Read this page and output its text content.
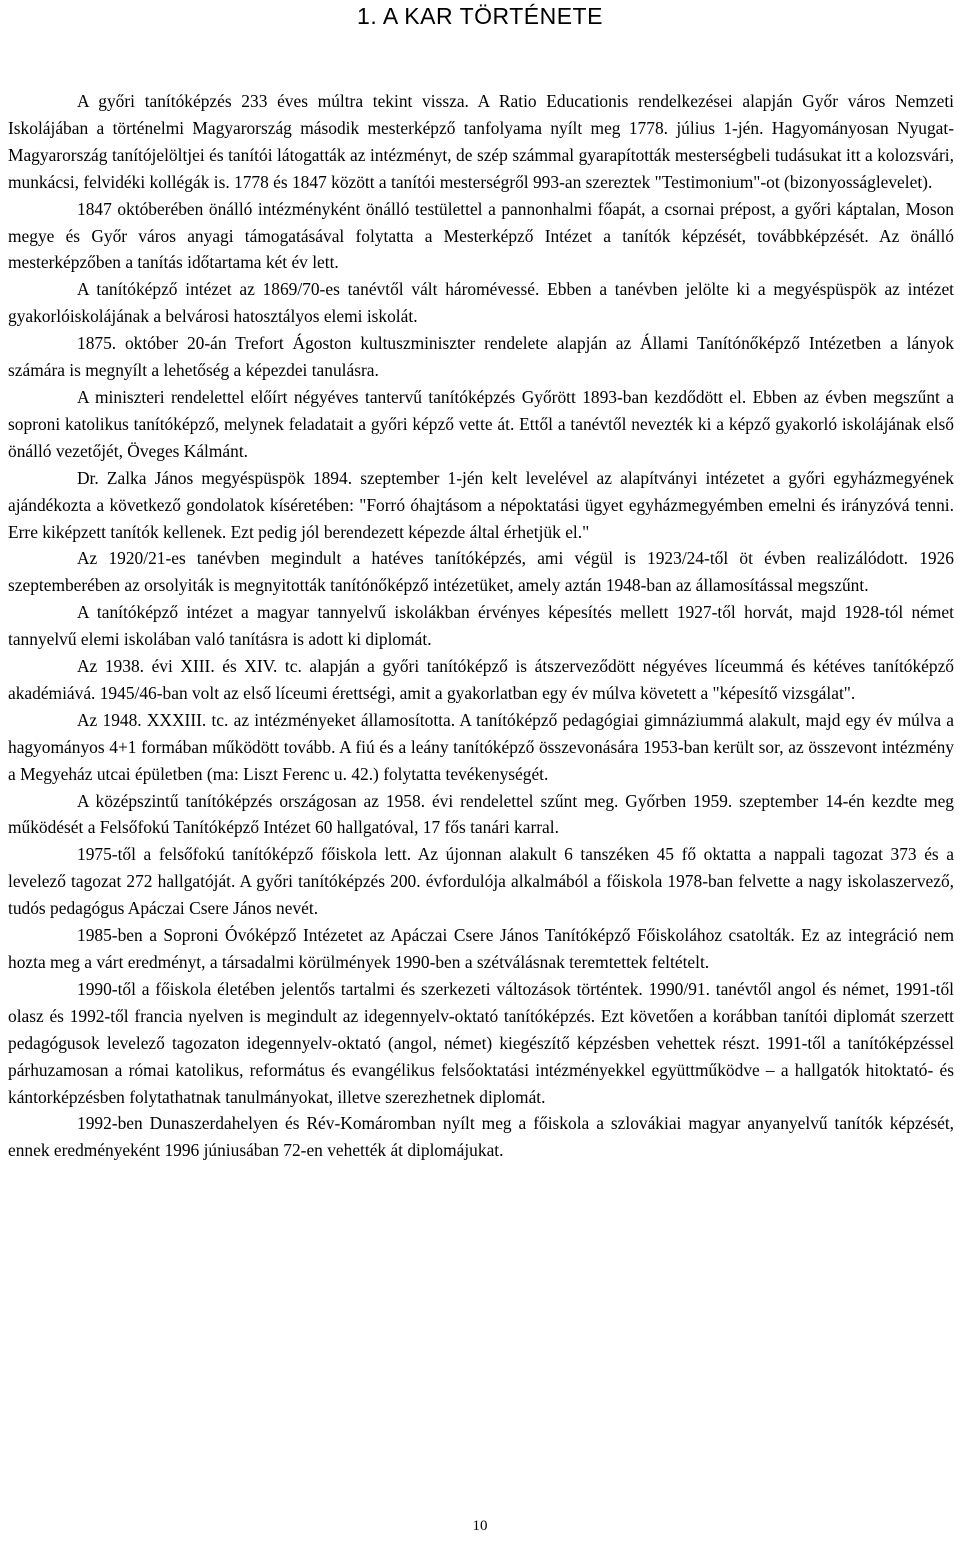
1. A KAR TÖRTÉNETE

A győri tanítóképzés 233 éves múltra tekint vissza. A Ratio Educationis rendelkezései alapján Győr város Nemzeti Iskolájában a történelmi Magyarország második mesterképző tanfolyama nyílt meg 1778. július 1-jén. Hagyományosan Nyugat-Magyarország tanítójelöltjei és tanítói látogatták az intézményt, de szép számmal gyarapították mesterségbeli tudásukat itt a kolozsvári, munkácsi, felvidéki kollégák is. 1778 és 1847 között a tanítói mesterségről 993-an szereztek "Testimonium"-ot (bizonyosságlevelet).

1847 októberében önálló intézményként önálló testülettel a pannonhalmi főapát, a csornai prépost, a győri káptalan, Moson megye és Győr város anyagi támogatásával folytatta a Mesterképző Intézet a tanítók képzését, továbbképzését. Az önálló mesterképzőben a tanítás időtartama két év lett.

A tanítóképző intézet az 1869/70-es tanévtől vált háromévessé. Ebben a tanévben jelölte ki a megyéspüspök az intézet gyakorlóiskolájának a belvárosi hatosztályos elemi iskolát.

1875. október 20-án Trefort Ágoston kultuszminiszter rendelete alapján az Állami Tanítónőképző Intézetben a lányok számára is megnyílt a lehetőség a képezdei tanulásra.

A miniszteri rendelettel előírt négyéves tantervű tanítóképzés Győrött 1893-ban kezdődött el. Ebben az évben megszűnt a soproni katolikus tanítóképző, melynek feladatait a győri képző vette át. Ettől a tanévtől nevezték ki a képző gyakorló iskolájának első önálló vezetőjét, Öveges Kálmánt.

Dr. Zalka János megyéspüspök 1894. szeptember 1-jén kelt levelével az alapítványi intézetet a győri egyházmegyének ajándékozta a következő gondolatok kíséretében: "Forró óhajtásom a népoktatási ügyet egyházmegyémben emelni és irányzóvá tenni. Erre kiképzett tanítók kellenek. Ezt pedig jól berendezett képezde által érhetjük el."

Az 1920/21-es tanévben megindult a hatéves tanítóképzés, ami végül is 1923/24-től öt évben realizálódott. 1926 szeptemberében az orsolyiták is megnyitották tanítónőképző intézetüket, amely aztán 1948-ban az államosítással megszűnt.

A tanítóképző intézet a magyar tannyelvű iskolákban érvényes képesítés mellett 1927-től horvát, majd 1928-tól német tannyelvű elemi iskolában való tanításra is adott ki diplomát.

Az 1938. évi XIII. és XIV. tc. alapján a győri tanítóképző is átszerveződött négyéves líceummá és kétéves tanítóképző akadémiává. 1945/46-ban volt az első líceumi érettségi, amit a gyakorlatban egy év múlva követett a "képesítő vizsgálat".

Az 1948. XXXIII. tc. az intézményeket államosította. A tanítóképző pedagógiai gimnáziummá alakult, majd egy év múlva a hagyományos 4+1 formában működött tovább. A fiú és a leány tanítóképző összevonására 1953-ban került sor, az összevont intézmény a Megyeház utcai épületben (ma: Liszt Ferenc u. 42.) folytatta tevékenységét.

A középszintű tanítóképzés országosan az 1958. évi rendelettel szűnt meg. Győrben 1959. szeptember 14-én kezdte meg működését a Felsőfokú Tanítóképző Intézet 60 hallgatóval, 17 fős tanári karral.

1975-től a felsőfokú tanítóképző főiskola lett. Az újonnan alakult 6 tanszéken 45 fő oktatta a nappali tagozat 373 és a levelező tagozat 272 hallgatóját. A győri tanítóképzés 200. évfordulója alkalmából a főiskola 1978-ban felvette a nagy iskolaszervező, tudós pedagógus Apáczai Csere János nevét.

1985-ben a Soproni Óvóképző Intézetet az Apáczai Csere János Tanítóképző Főiskolához csatolták. Ez az integráció nem hozta meg a várt eredményt, a társadalmi körülmények 1990-ben a szétválásnak teremtettek feltételt.

1990-től a főiskola életében jelentős tartalmi és szerkezeti változások történtek. 1990/91. tanévtől angol és német, 1991-től olasz és 1992-től francia nyelven is megindult az idegennyelv-oktató tanítóképzés. Ezt követően a korábban tanítói diplomát szerzett pedagógusok levelező tagozaton idegennyelv-oktató (angol, német) kiegészítő képzésben vehettek részt. 1991-től a tanítóképzéssel párhuzamosan a római katolikus, református és evangélikus felsőoktatási intézményekkel együttműködve – a hallgatók hitoktató- és kántorképzésben folytathatnak tanulmányokat, illetve szerezhetnek diplomát.

1992-ben Dunaszerdahelyen és Rév-Komáromban nyílt meg a főiskola a szlovákiai magyar anyanyelvű tanítók képzését, ennek eredményeként 1996 júniusában 72-en vehették át diplomájukat.

10
